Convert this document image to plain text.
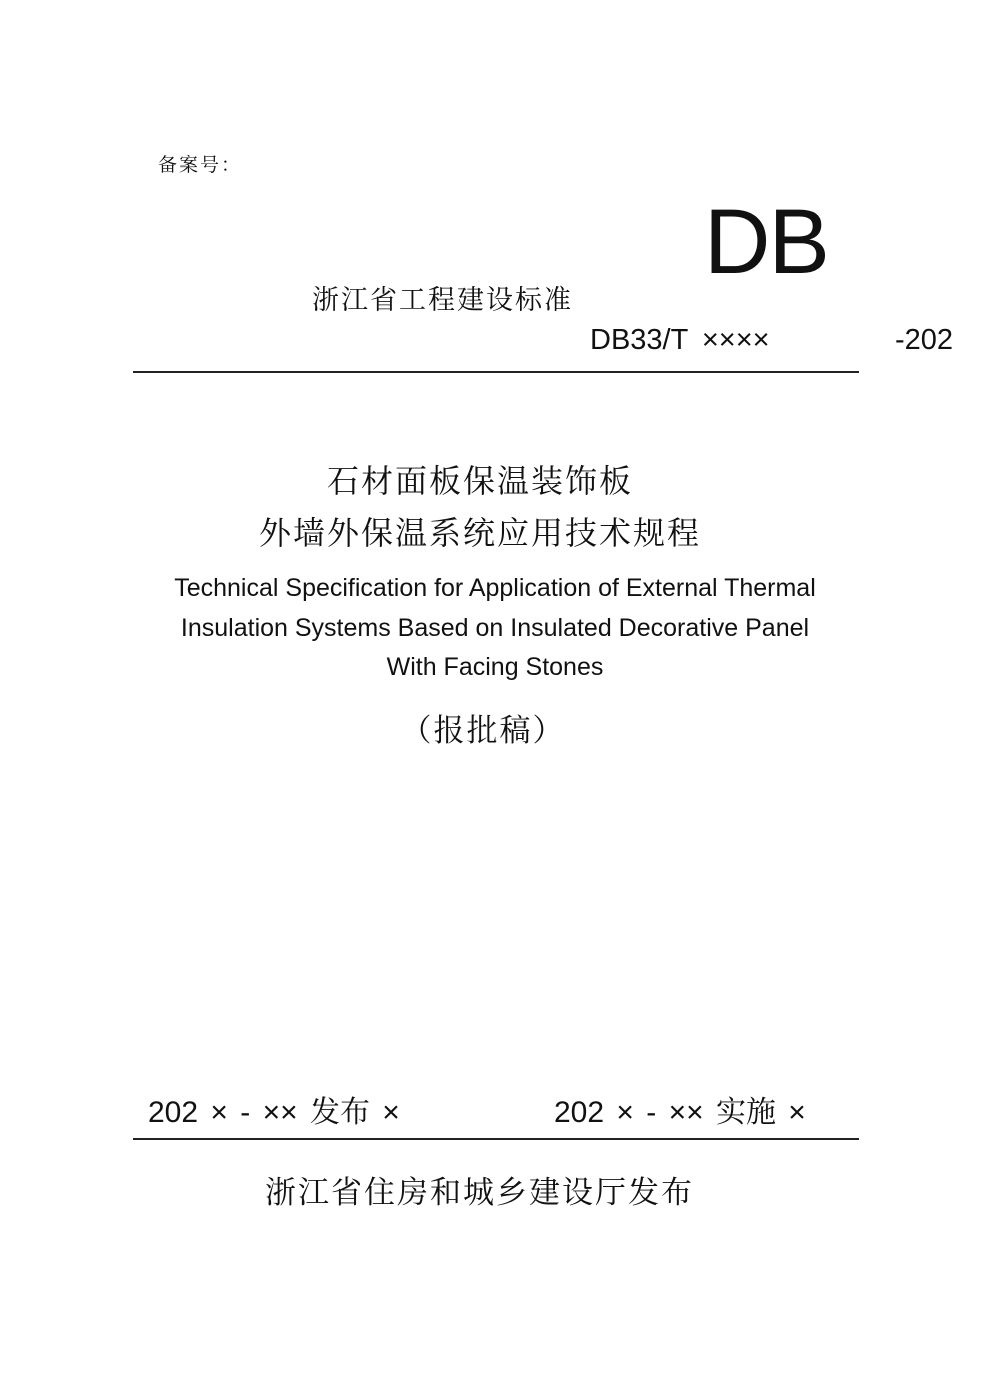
备案号：
DB
浙江省工程建设标准
DB33/T ××××	-202
石材面板保温装饰板
外墙外保温系统应用技术规程
Technical Specification for Application of External Thermal
Insulation Systems Based on Insulated Decorative Panel
With Facing Stones
（报批稿）
202 × - ×× 发布 ×	202 × - ×× 实施 ×
浙江省住房和城乡建设厅发布
